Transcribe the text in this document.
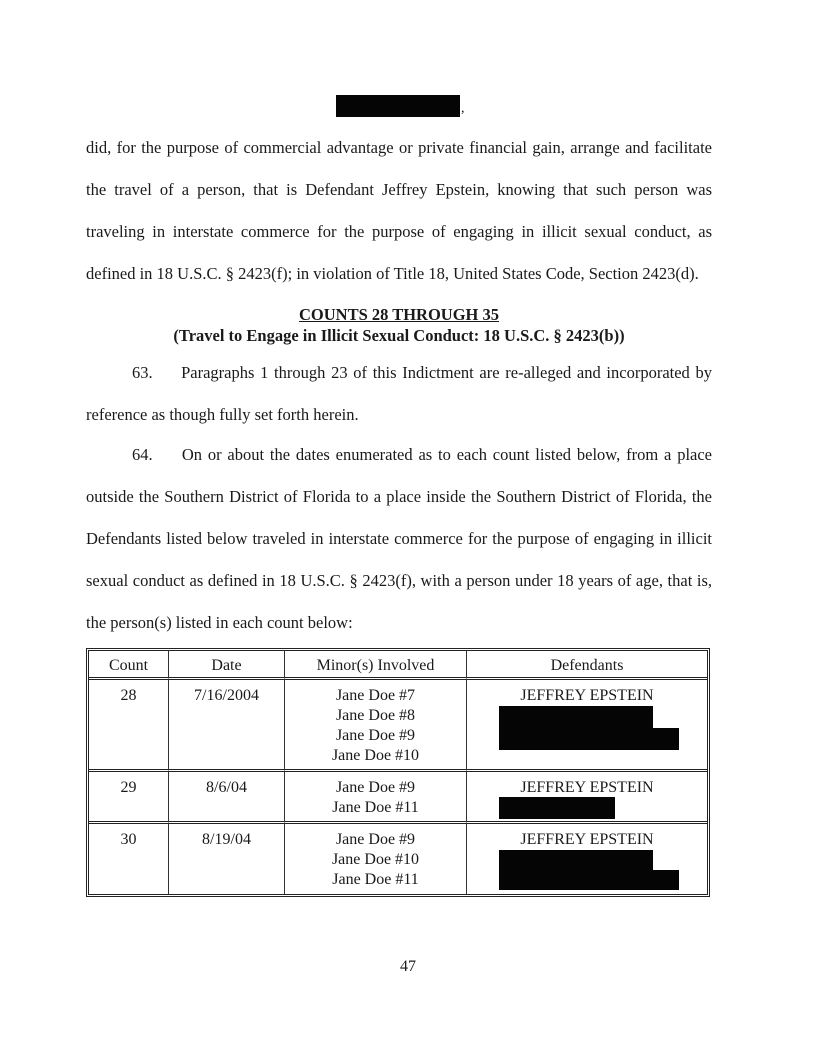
,

did, for the purpose of commercial advantage or private financial gain, arrange and facilitate the travel of a person, that is Defendant Jeffrey Epstein, knowing that such person was traveling in interstate commerce for the purpose of engaging in illicit sexual conduct, as defined in 18 U.S.C. § 2423(f); in violation of Title 18, United States Code, Section 2423(d).

COUNTS 28 THROUGH 35
(Travel to Engage in Illicit Sexual Conduct: 18 U.S.C. § 2423(b))

63.     Paragraphs 1 through 23 of this Indictment are re-alleged and incorporated by reference as though fully set forth herein.

64.     On or about the dates enumerated as to each count listed below, from a place outside the Southern District of Florida to a place inside the Southern District of Florida, the Defendants listed below traveled in interstate commerce for the purpose of engaging in illicit sexual conduct as defined in 18 U.S.C. § 2423(f), with a person under 18 years of age, that is, the person(s) listed in each count below:

Count	Date	Minor(s) Involved	Defendants
28	7/16/2004	Jane Doe #7
Jane Doe #8
Jane Doe #9
Jane Doe #10	JEFFREY EPSTEIN

29	8/6/04	Jane Doe #9
Jane Doe #11	JEFFREY EPSTEIN

30	8/19/04	Jane Doe #9
Jane Doe #10
Jane Doe #11	JEFFREY EPSTEIN
47
